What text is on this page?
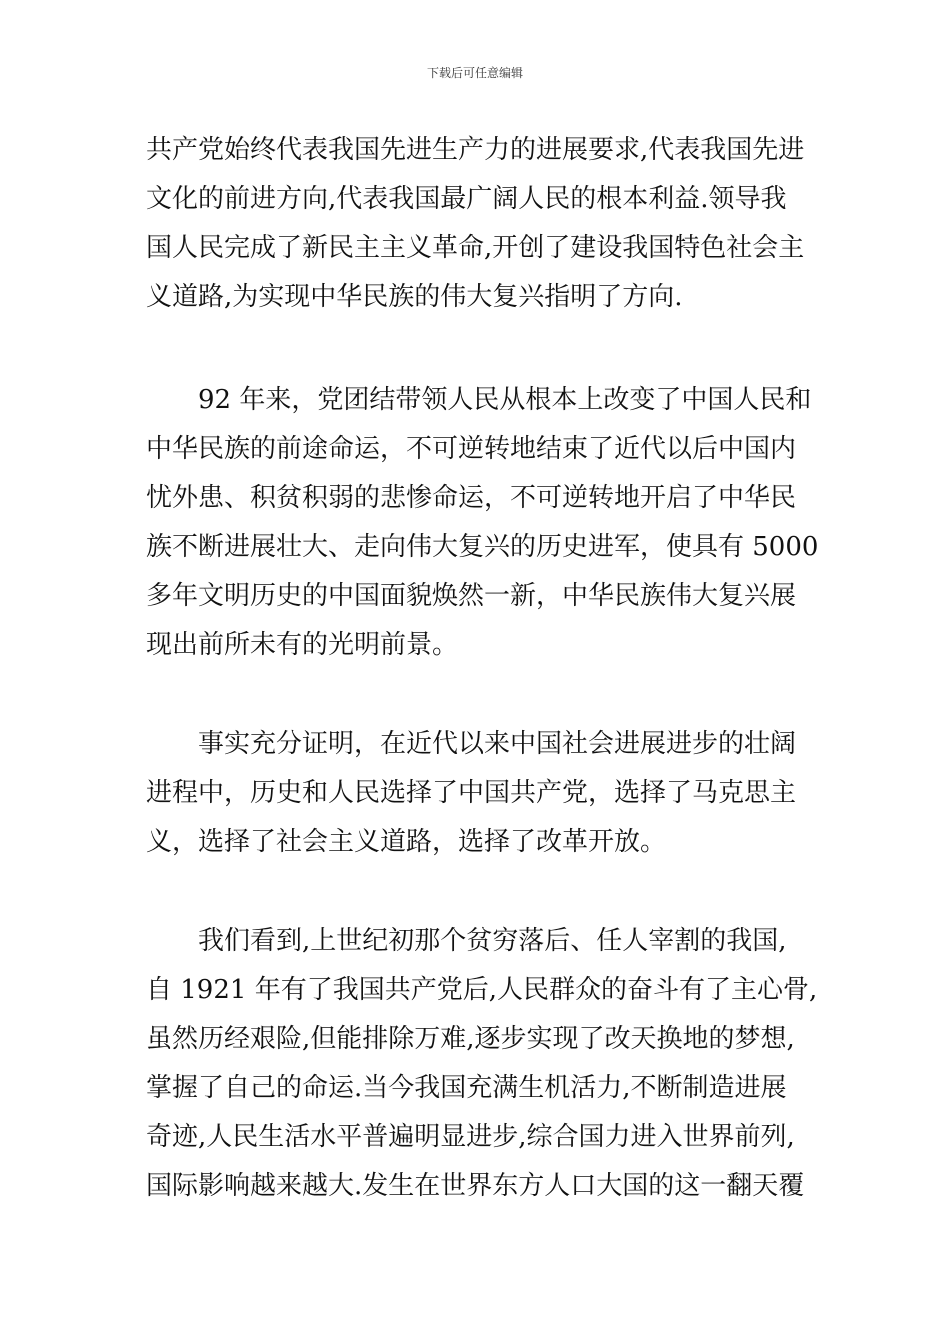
下载后可任意编辑
共产党始终代表我国先进生产力的进展要求,代表我国先进
文化的前进方向,代表我国最广阔人民的根本利益.领导我
国人民完成了新民主主义革命,开创了建设我国特色社会主
义道路,为实现中华民族的伟大复兴指明了方向.
92 年来，党团结带领人民从根本上改变了中国人民和
中华民族的前途命运，不可逆转地结束了近代以后中国内
忧外患、积贫积弱的悲惨命运，不可逆转地开启了中华民
族不断进展壮大、走向伟大复兴的历史进军，使具有 5000
多年文明历史的中国面貌焕然一新，中华民族伟大复兴展
现出前所未有的光明前景。
事实充分证明，在近代以来中国社会进展进步的壮阔
进程中，历史和人民选择了中国共产党，选择了马克思主
义，选择了社会主义道路，选择了改革开放。
我们看到,上世纪初那个贫穷落后、任人宰割的我国,
自 1921 年有了我国共产党后,人民群众的奋斗有了主心骨,
虽然历经艰险,但能排除万难,逐步实现了改天换地的梦想,
掌握了自己的命运.当今我国充满生机活力,不断制造进展
奇迹,人民生活水平普遍明显进步,综合国力进入世界前列,
国际影响越来越大.发生在世界东方人口大国的这一翻天覆
